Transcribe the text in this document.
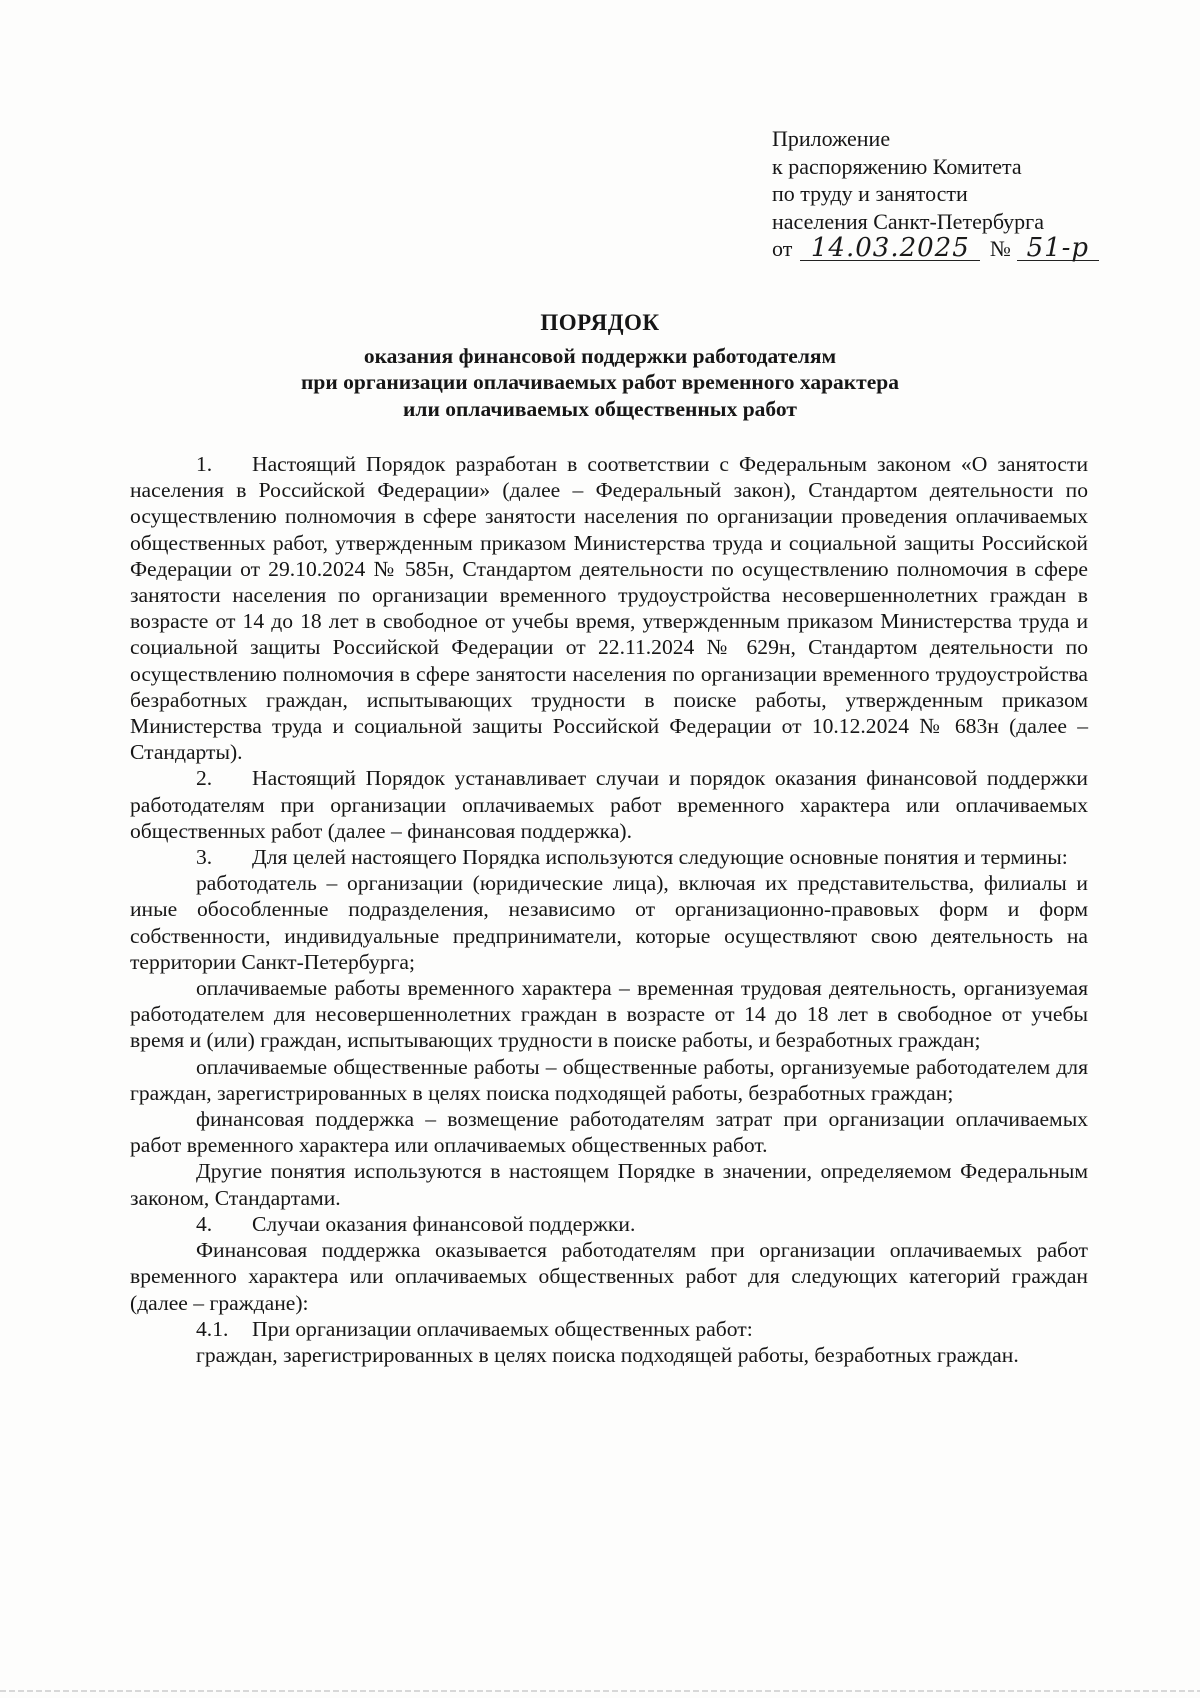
Приложение
к распоряжению Комитета
по труду и занятости
населения Санкт-Петербурга
от 14.03.2025 № 51-р
ПОРЯДОК
оказания финансовой поддержки работодателям
при организации оплачиваемых работ временного характера
или оплачиваемых общественных работ

1. Настоящий Порядок разработан в соответствии с Федеральным законом «О занятости населения в Российской Федерации» (далее – Федеральный закон), Стандартом деятельности по осуществлению полномочия в сфере занятости населения по организации проведения оплачиваемых общественных работ, утвержденным приказом Министерства труда и социальной защиты Российской Федерации от 29.10.2024 № 585н, Стандартом деятельности по осуществлению полномочия в сфере занятости населения по организации временного трудоустройства несовершеннолетних граждан в возрасте от 14 до 18 лет в свободное от учебы время, утвержденным приказом Министерства труда и социальной защиты Российской Федерации от 22.11.2024 № 629н, Стандартом деятельности по осуществлению полномочия в сфере занятости населения по организации временного трудоустройства безработных граждан, испытывающих трудности в поиске работы, утвержденным приказом Министерства труда и социальной защиты Российской Федерации от 10.12.2024 № 683н (далее – Стандарты).

2. Настоящий Порядок устанавливает случаи и порядок оказания финансовой поддержки работодателям при организации оплачиваемых работ временного характера или оплачиваемых общественных работ (далее – финансовая поддержка).

3. Для целей настоящего Порядка используются следующие основные понятия и термины:

работодатель – организации (юридические лица), включая их представительства, филиалы и иные обособленные подразделения, независимо от организационно-правовых форм и форм собственности, индивидуальные предприниматели, которые осуществляют свою деятельность на территории Санкт-Петербурга;

оплачиваемые работы временного характера – временная трудовая деятельность, организуемая работодателем для несовершеннолетних граждан в возрасте от 14 до 18 лет в свободное от учебы время и (или) граждан, испытывающих трудности в поиске работы, и безработных граждан;

оплачиваемые общественные работы – общественные работы, организуемые работодателем для граждан, зарегистрированных в целях поиска подходящей работы, безработных граждан;

финансовая поддержка – возмещение работодателям затрат при организации оплачиваемых работ временного характера или оплачиваемых общественных работ.

Другие понятия используются в настоящем Порядке в значении, определяемом Федеральным законом, Стандартами.

4. Случаи оказания финансовой поддержки.

Финансовая поддержка оказывается работодателям при организации оплачиваемых работ временного характера или оплачиваемых общественных работ для следующих категорий граждан (далее – граждане):

4.1. При организации оплачиваемых общественных работ:

граждан, зарегистрированных в целях поиска подходящей работы, безработных граждан.
